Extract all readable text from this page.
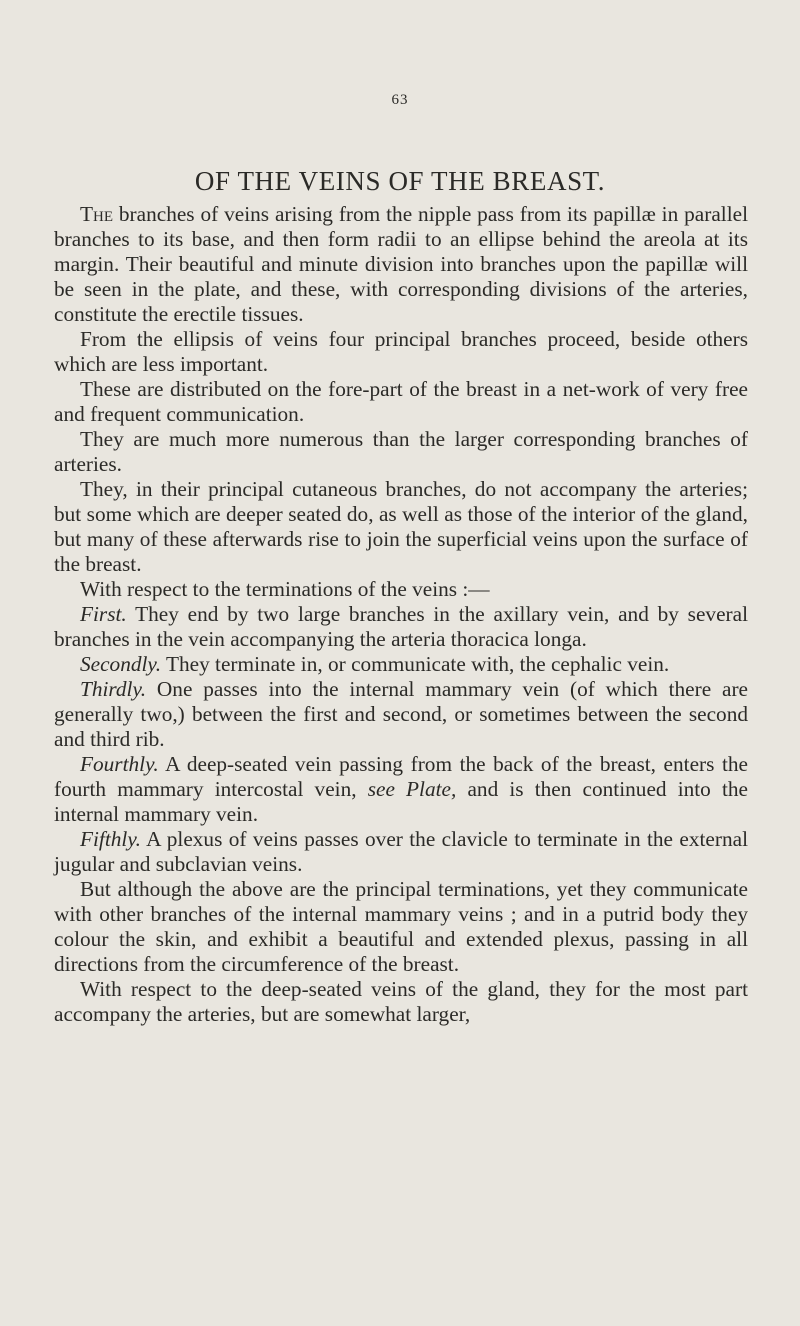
63
OF THE VEINS OF THE BREAST.

The branches of veins arising from the nipple pass from its papillæ in parallel branches to its base, and then form radii to an ellipse behind the areola at its margin. Their beautiful and minute division into branches upon the papillæ will be seen in the plate, and these, with corresponding divisions of the arteries, constitute the erectile tissues.

From the ellipsis of veins four principal branches proceed, beside others which are less important.

These are distributed on the fore-part of the breast in a net-work of very free and frequent communication.

They are much more numerous than the larger corresponding branches of arteries.

They, in their principal cutaneous branches, do not accompany the arteries; but some which are deeper seated do, as well as those of the interior of the gland, but many of these afterwards rise to join the superficial veins upon the surface of the breast.

With respect to the terminations of the veins :—

First. They end by two large branches in the axillary vein, and by several branches in the vein accompanying the arteria thoracica longa.

Secondly. They terminate in, or communicate with, the cephalic vein.

Thirdly. One passes into the internal mammary vein (of which there are generally two,) between the first and second, or sometimes between the second and third rib.

Fourthly. A deep-seated vein passing from the back of the breast, enters the fourth mammary intercostal vein, see Plate, and is then continued into the internal mammary vein.

Fifthly. A plexus of veins passes over the clavicle to terminate in the external jugular and subclavian veins.

But although the above are the principal terminations, yet they communicate with other branches of the internal mammary veins ; and in a putrid body they colour the skin, and exhibit a beautiful and extended plexus, passing in all directions from the circumference of the breast.

With respect to the deep-seated veins of the gland, they for the most part accompany the arteries, but are somewhat larger,
